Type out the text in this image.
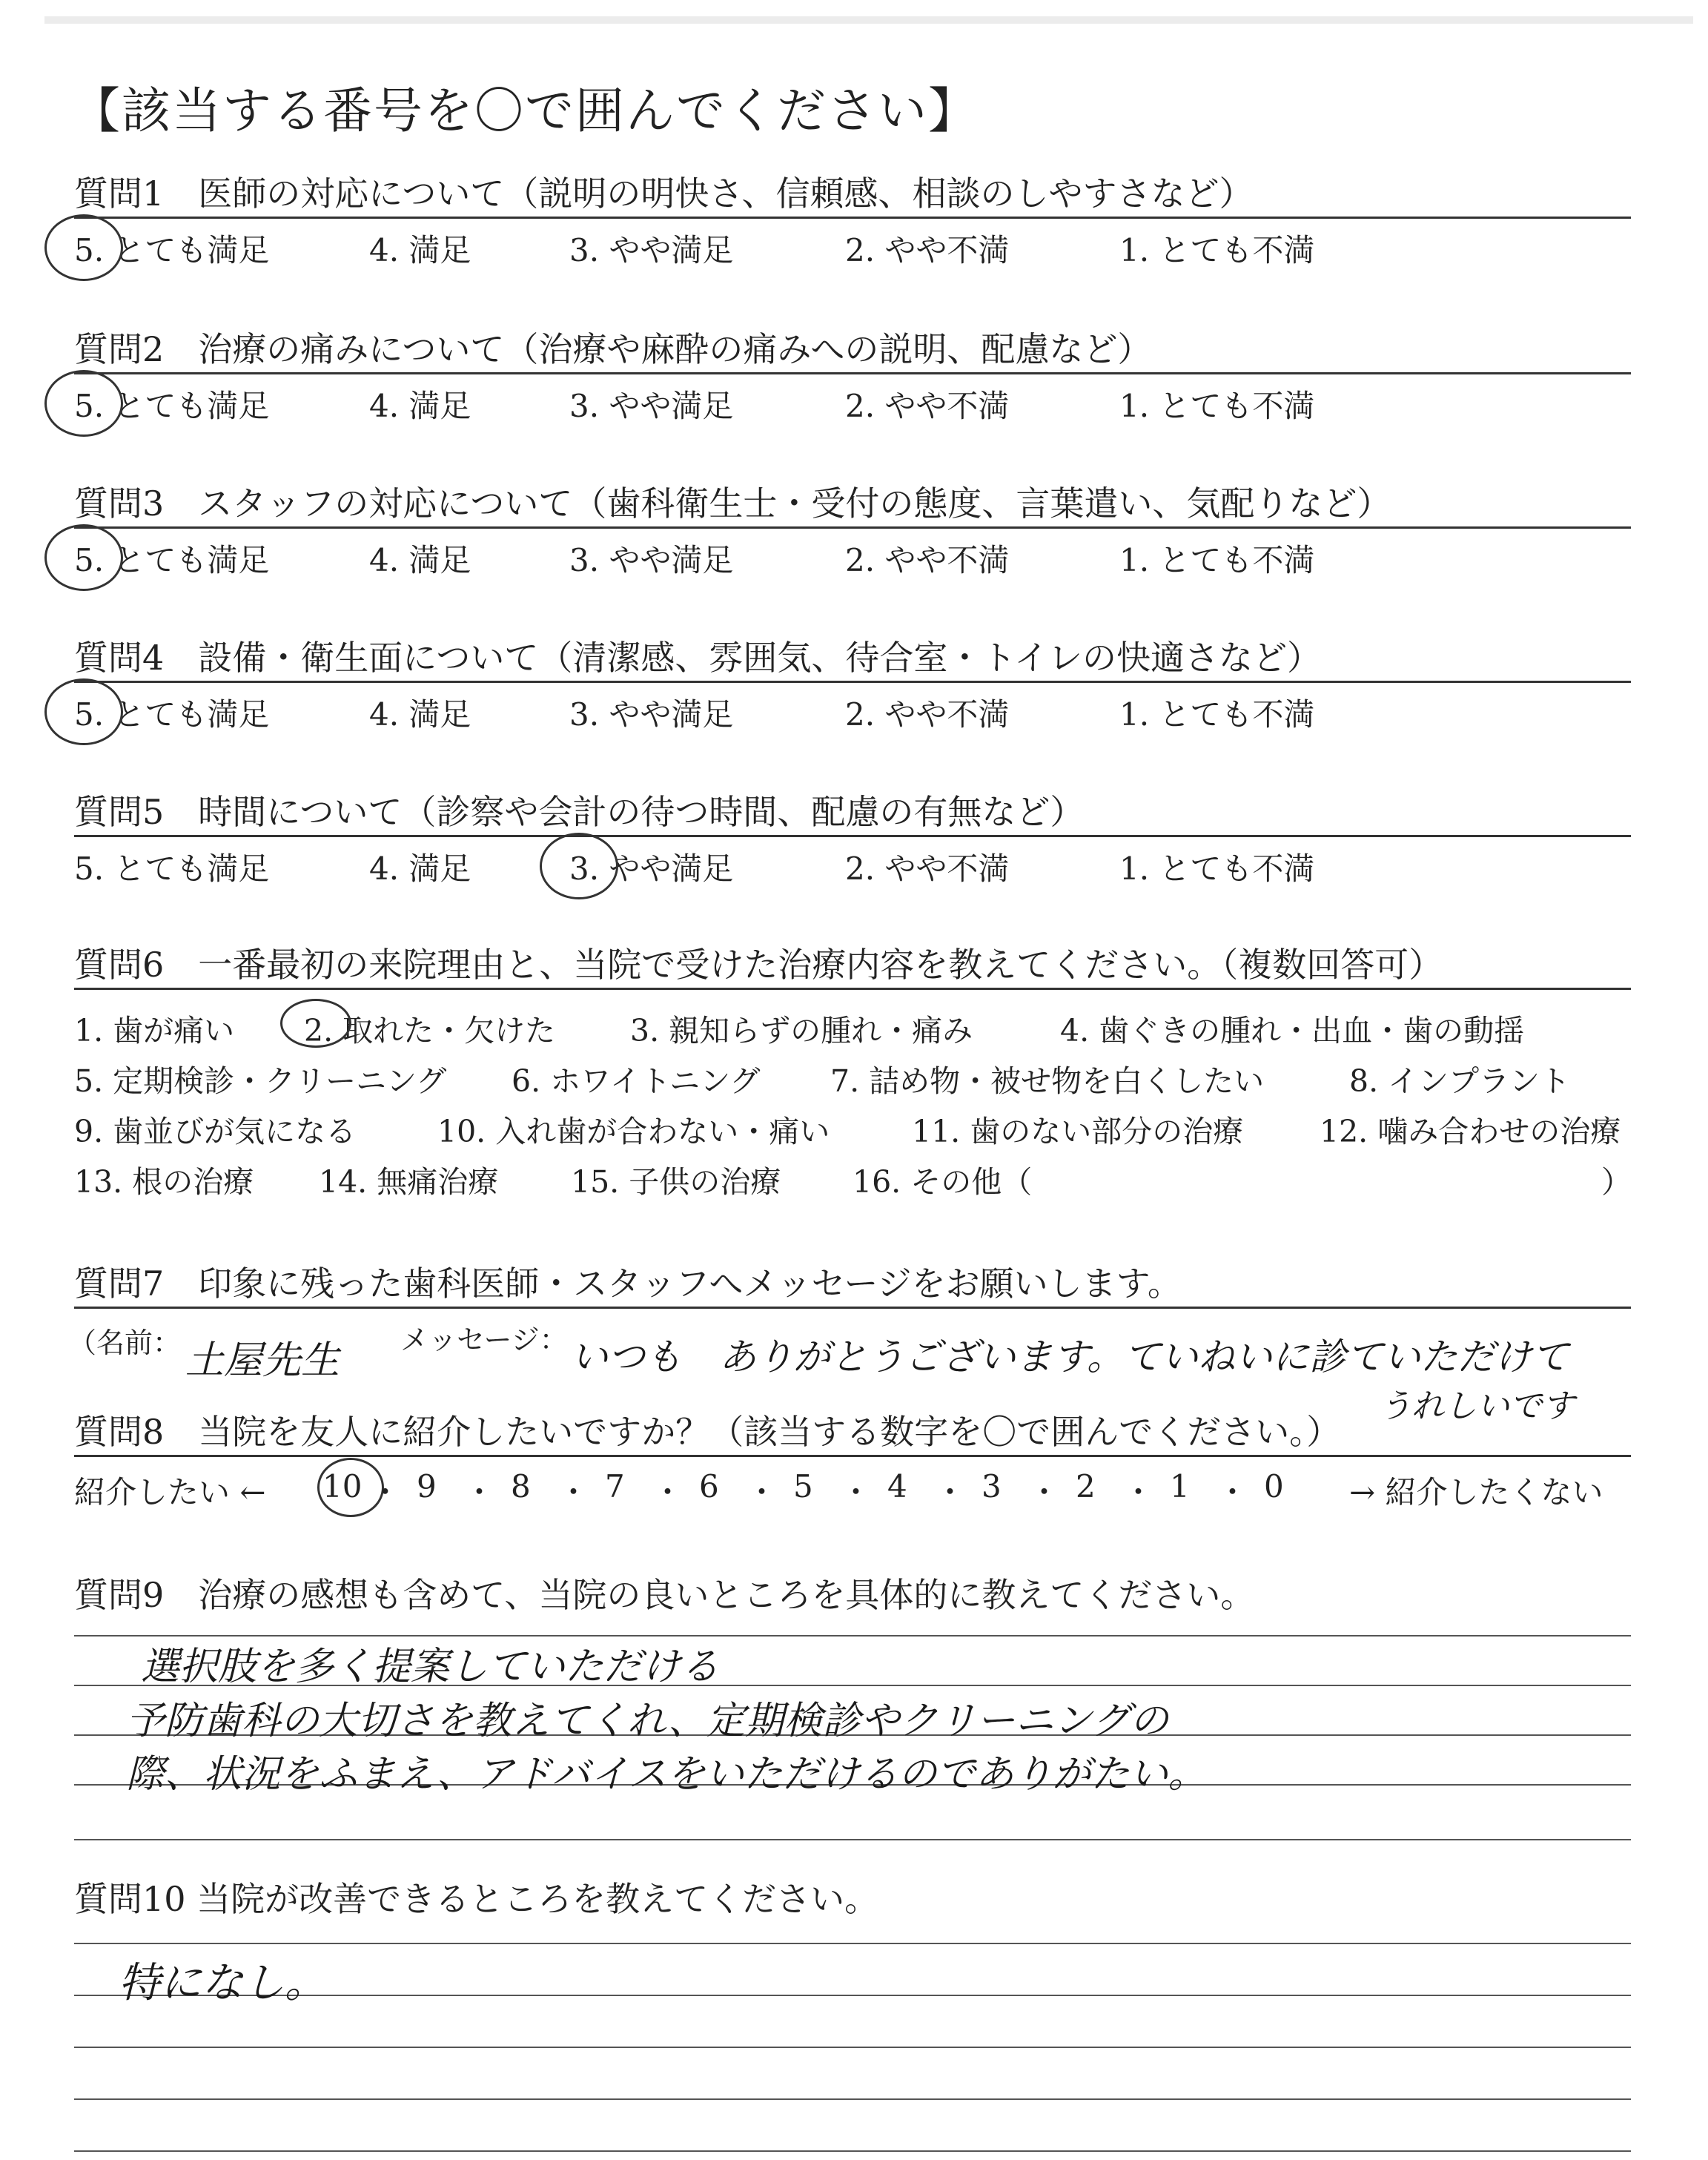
【該当する番号を〇で囲んでください】
質問1　医師の対応について（説明の明快さ、信頼感、相談のしやすさなど）
5. とても満足	4. 満足	3. やや満足	2. やや不満	1. とても不満
質問2　治療の痛みについて（治療や麻酔の痛みへの説明、配慮など）
5. とても満足	4. 満足	3. やや満足	2. やや不満	1. とても不満
質問3　スタッフの対応について（歯科衛生士・受付の態度、言葉遣い、気配りなど）
5. とても満足	4. 満足	3. やや満足	2. やや不満	1. とても不満
質問4　設備・衛生面について（清潔感、雰囲気、待合室・トイレの快適さなど）
5. とても満足	4. 満足	3. やや満足	2. やや不満	1. とても不満
質問5　時間について（診察や会計の待つ時間、配慮の有無など）
5. とても満足	4. 満足	3. やや満足	2. やや不満	1. とても不満
質問6　一番最初の来院理由と、当院で受けた治療内容を教えてください。（複数回答可）
1. 歯が痛い 2. 取れた・欠けた 3. 親知らずの腫れ・痛み	4. 歯ぐきの腫れ・出血・歯の動揺
5. 定期検診・クリーニング 6. ホワイトニング 7. 詰め物・被せ物を白くしたい	8. インプラント
9. 歯並びが気になる	10. 入れ歯が合わない・痛い	11. 歯のない部分の治療	12. 噛み合わせの治療
13. 根の治療 14. 無痛治療 15. 子供の治療 16. その他（	）
質問7　印象に残った歯科医師・スタッフへメッセージをお願いします。
（名前： 土屋先生 メッセージ： いつも　ありがとうございます。ていねいに診ていただけて
うれしいです
質問8　当院を友人に紹介したいですか？（該当する数字を〇で囲んでください。）
紹介したい ← 10 ・ 9 ・ 8 ・ 7 ・ 6 ・ 5 ・ 4 ・ 3 ・ 2 ・ 1 ・ 0 → 紹介したくない
質問9　治療の感想も含めて、当院の良いところを具体的に教えてください。
選択肢を多く提案していただける
予防歯科の大切さを教えてくれ、定期検診やクリーニングの
際、状況をふまえ、アドバイスをいただけるのでありがたい。
質問10 当院が改善できるところを教えてください。
特になし。
